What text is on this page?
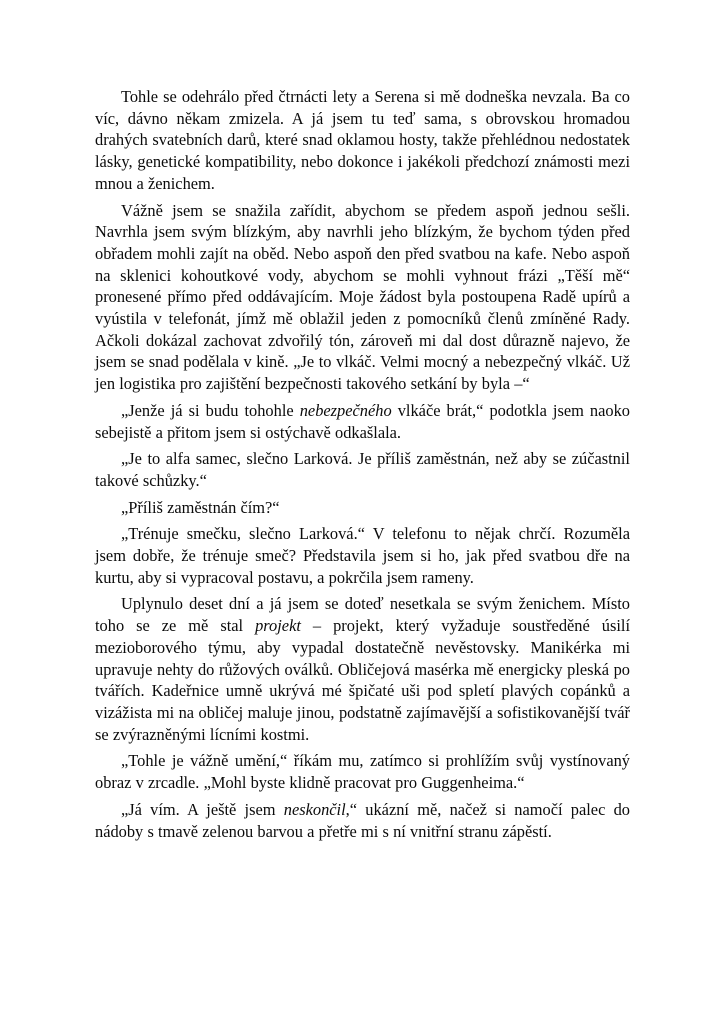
Tohle se odehrálo před čtrnácti lety a Serena si mě dodneška nevzala. Ba co víc, dávno někam zmizela. A já jsem tu teď sama, s obrovskou hromadou drahých svatebních darů, které snad oklamou hosty, takže přehlédnou nedostatek lásky, genetické kompatibility, nebo dokonce i jakékoli předchozí známosti mezi mnou a ženichem.

Vážně jsem se snažila zařídit, abychom se předem aspoň jednou sešli. Navrhla jsem svým blízkým, aby navrhli jeho blízkým, že bychom týden před obřadem mohli zajít na oběd. Nebo aspoň den před svatbou na kafe. Nebo aspoň na sklenici kohoutkové vody, abychom se mohli vyhnout frázi „Těší mě“ pronesené přímo před oddávajícím. Moje žádost byla postoupena Radě upírů a vyústila v telefonát, jímž mě oblažil jeden z pomocníků členů zmíněné Rady. Ačkoli dokázal zachovat zdvořilý tón, zároveň mi dal dost důrazně najevo, že jsem se snad podělala v kině. „Je to vlkáč. Velmi mocný a nebezpečný vlkáč. Už jen logistika pro zajištění bezpečnosti takového setkání by byla –“

„Jenže já si budu tohohle nebezpečného vlkáče brát,“ podotkla jsem naoko sebejistě a přitom jsem si ostýchavě odkašlala.

„Je to alfa samec, slečno Larková. Je příliš zaměstnán, než aby se zúčastnil takové schůzky.“

„Příliš zaměstnán čím?“

„Trénuje smečku, slečno Larková.“ V telefonu to nějak chrčí. Rozuměla jsem dobře, že trénuje smeč? Představila jsem si ho, jak před svatbou dře na kurtu, aby si vypracoval postavu, a pokrčila jsem rameny.

Uplynulo deset dní a já jsem se doteď nesetkala se svým ženichem. Místo toho se ze mě stal projekt – projekt, který vyžaduje soustředěné úsilí mezioborového týmu, aby vypadal dostatečně nevěstovsky. Manikérka mi upravuje nehty do růžových oválků. Obličejová masérka mě energicky pleská po tvářích. Kadeřnice umně ukrývá mé špičaté uši pod spletí plavých copánků a vizážista mi na obličej maluje jinou, podstatně zajímavější a sofistikovanější tvář se zvýrazněnými lícními kostmi.

„Tohle je vážně umění,“ říkám mu, zatímco si prohlížím svůj vystínovaný obraz v zrcadle. „Mohl byste klidně pracovat pro Guggenheima.“

„Já vím. A ještě jsem neskončil,“ ukázní mě, načež si namočí palec do nádoby s tmavě zelenou barvou a přetře mi s ní vnitřní stranu zápěstí.
